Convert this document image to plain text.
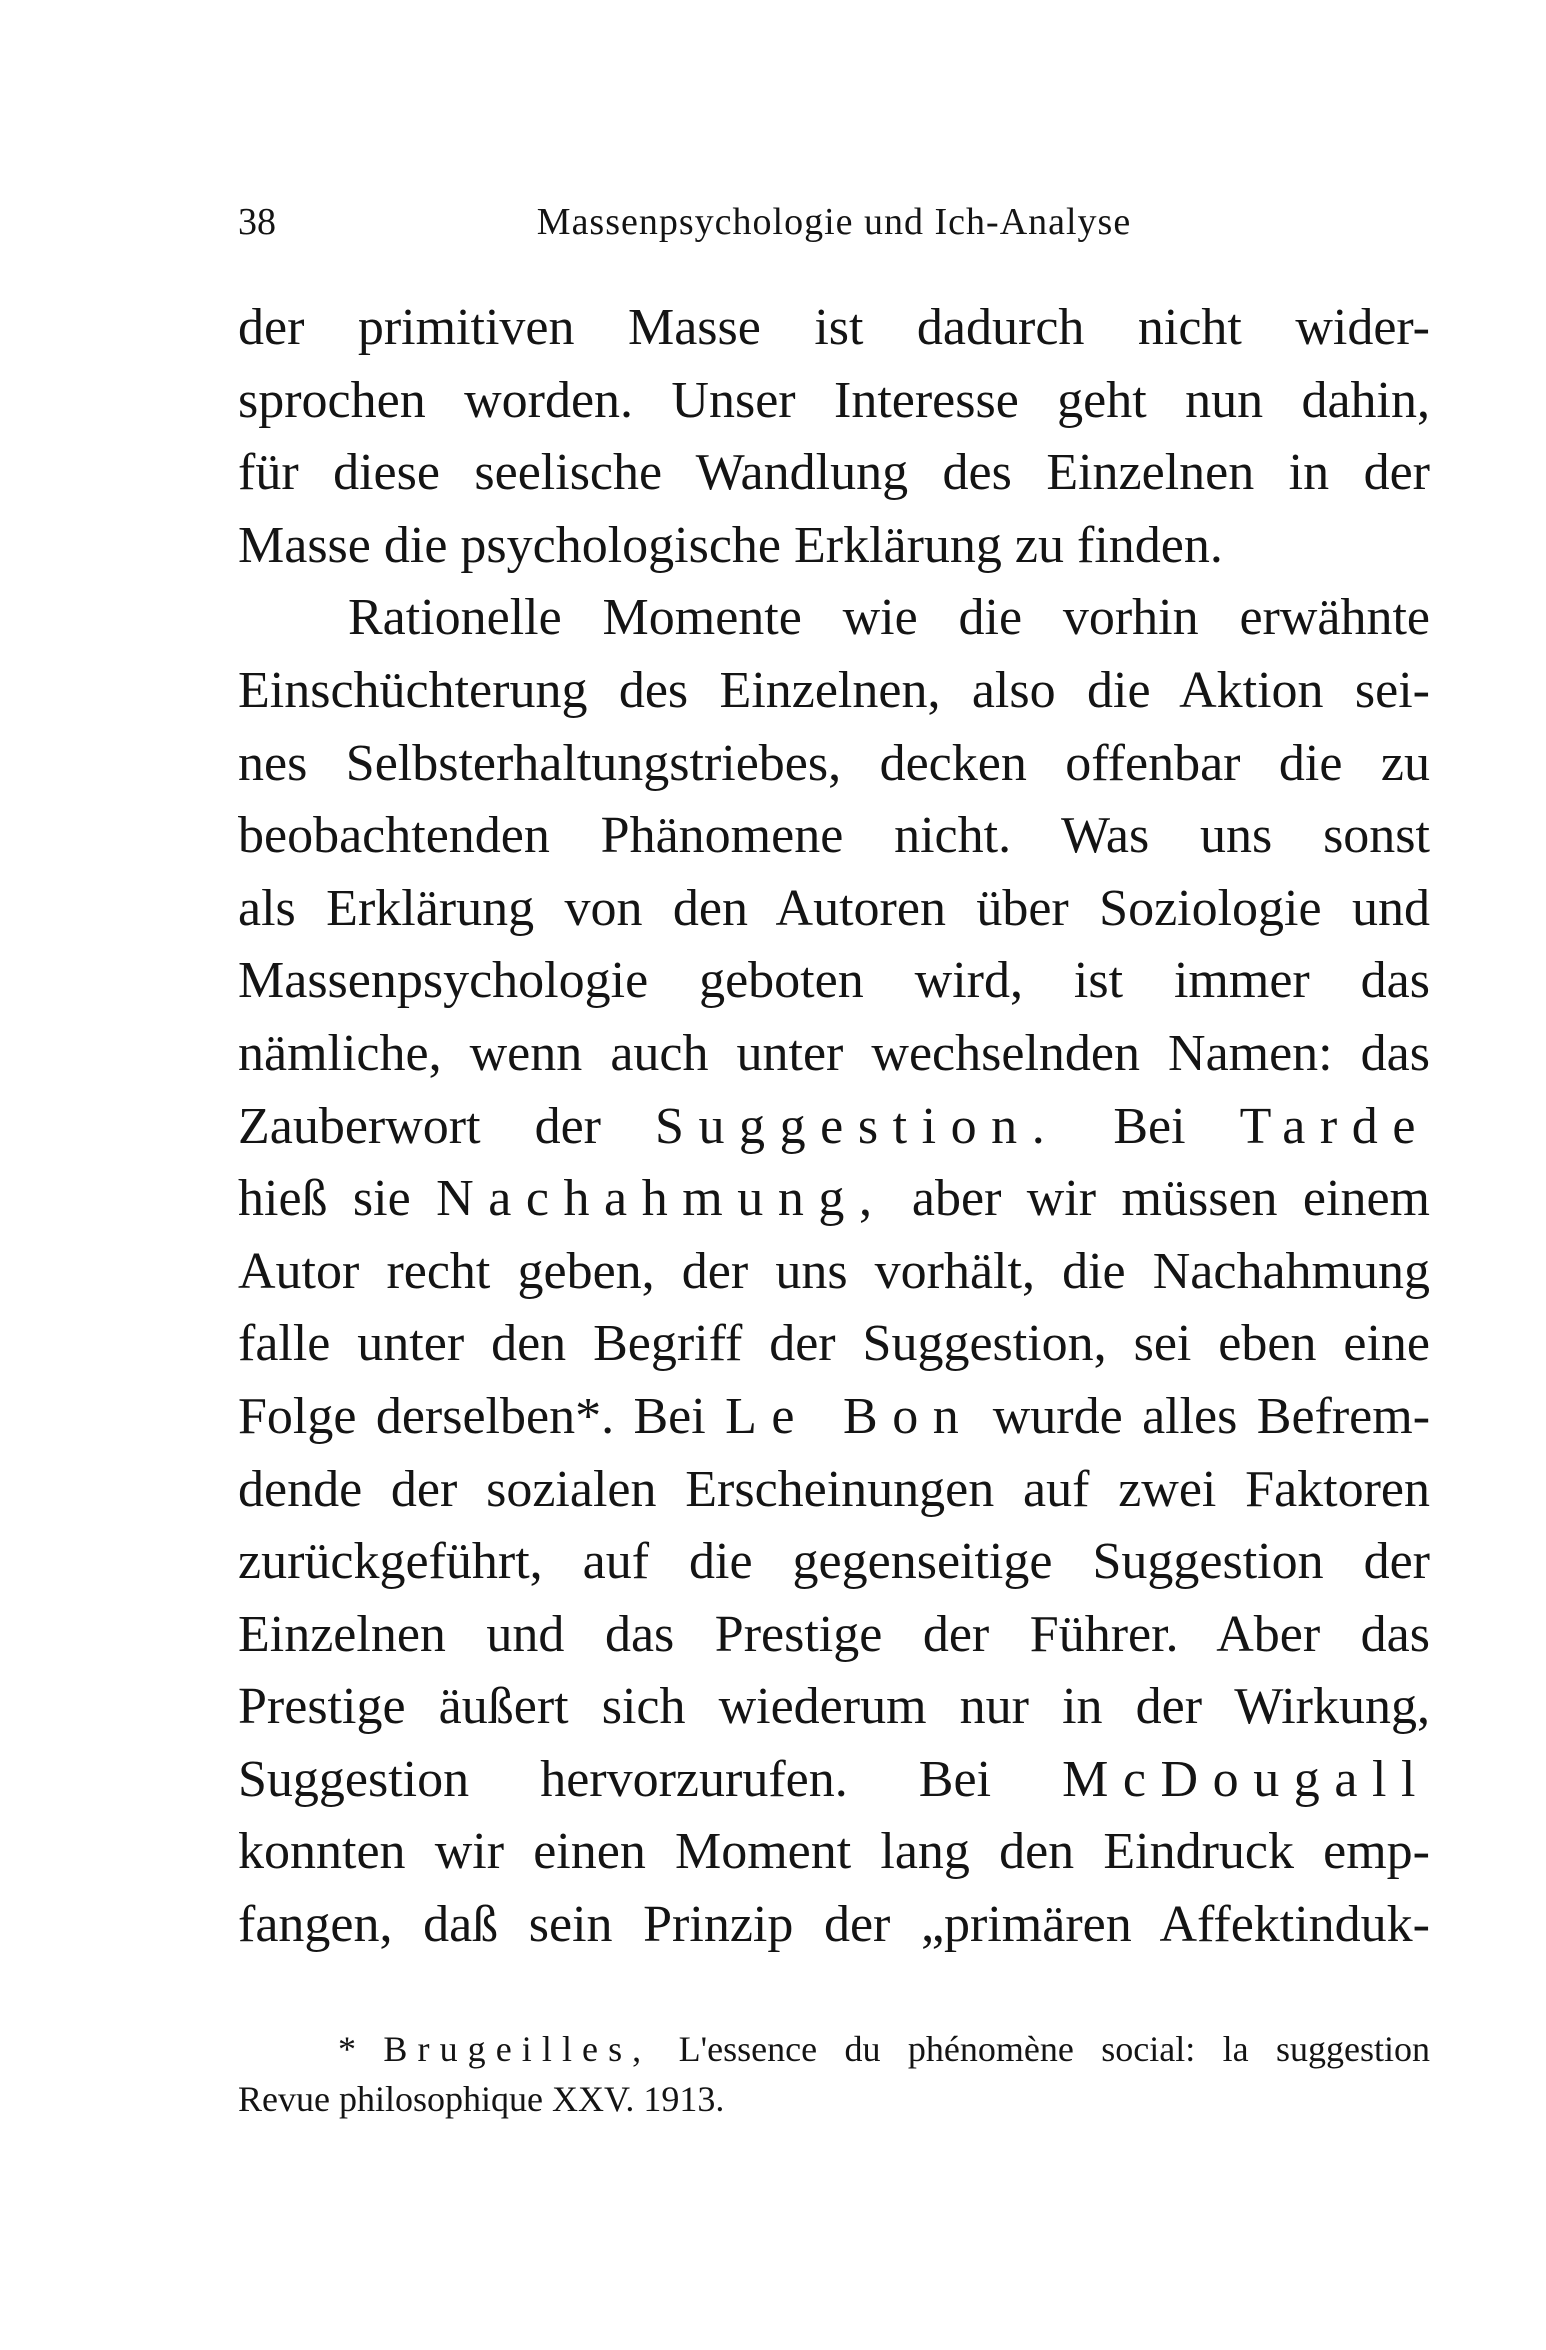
38	Massenpsychologie und Ich-Analyse
der primitiven Masse ist dadurch nicht wider-
sprochen worden. Unser Interesse geht nun dahin,
für diese seelische Wandlung des Einzelnen in der
Masse die psychologische Erklärung zu finden.
Rationelle Momente wie die vorhin erwähnte
Einschüchterung des Einzelnen, also die Aktion sei-
nes Selbsterhaltungstriebes, decken offenbar die zu
beobachtenden Phänomene nicht. Was uns sonst
als Erklärung von den Autoren über Soziologie und
Massenpsychologie geboten wird, ist immer das
nämliche, wenn auch unter wechselnden Namen: das
Zauberwort der Suggestion. Bei Tarde
hieß sie Nachahmung, aber wir müssen einem
Autor recht geben, der uns vorhält, die Nachahmung
falle unter den Begriff der Suggestion, sei eben eine
Folge derselben*. Bei Le Bon wurde alles Befrem-
dende der sozialen Erscheinungen auf zwei Faktoren
zurückgeführt, auf die gegenseitige Suggestion der
Einzelnen und das Prestige der Führer. Aber das
Prestige äußert sich wiederum nur in der Wirkung,
Suggestion hervorzurufen. Bei McDougall
konnten wir einen Moment lang den Eindruck emp-
fangen, daß sein Prinzip der „primären Affektinduk-
* Brugeilles, L'essence du phénomène social: la suggestion
Revue philosophique XXV. 1913.
